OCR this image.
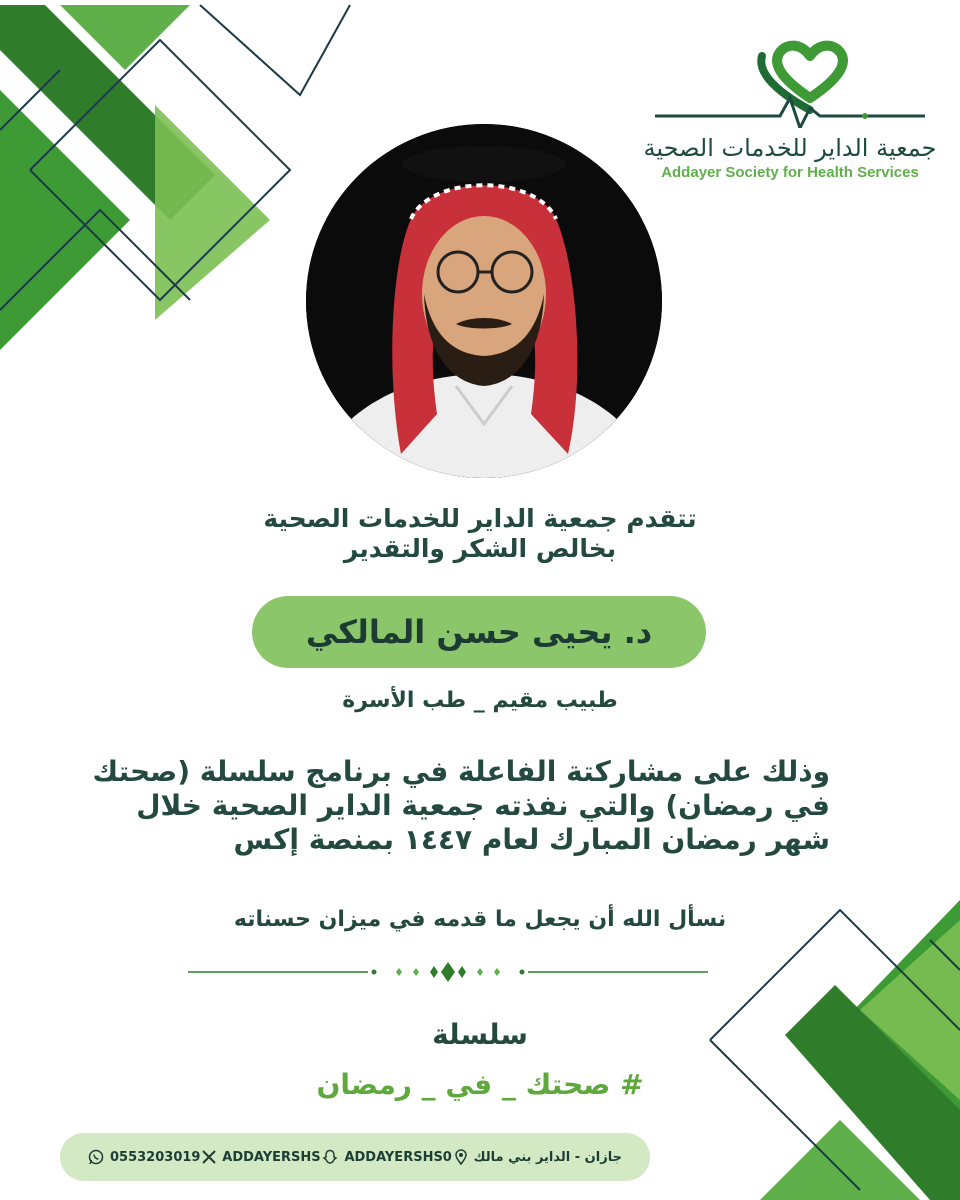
جمعية الداير للخدمات الصحية
Addayer Society for Health Services
تتقدم جمعية الداير للخدمات الصحية
بخالص الشكر والتقدير
د. يحيى حسن المالكي
طبيب مقيم _ طب الأسرة
وذلك على مشاركتة الفاعلة في برنامج سلسلة (صحتك
في رمضان) والتي نفذته جمعية الداير الصحية خلال
شهر رمضان المبارك لعام ١٤٤٧ بمنصة إكس
نسأل الله أن يجعل ما قدمه في ميزان حسناته
سلسلة
# صحتك _ في _ رمضان
0553203019 ADDAYERSHS ADDAYERSHS0 جازان - الداير بني مالك
